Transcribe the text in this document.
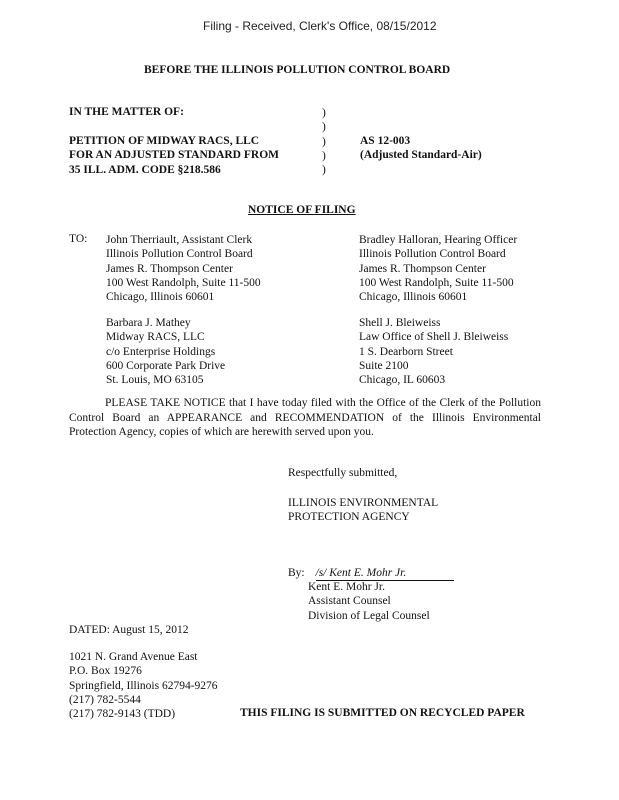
Filing - Received, Clerk's Office, 08/15/2012
BEFORE THE ILLINOIS POLLUTION CONTROL BOARD
IN THE MATTER OF:
PETITION OF MIDWAY RACS, LLC
FOR AN ADJUSTED STANDARD FROM
35 ILL. ADM. CODE §218.586
)
)
)
)
)
AS 12-003
(Adjusted Standard-Air)
NOTICE OF FILING
TO: John Therriault, Assistant Clerk
Illinois Pollution Control Board
James R. Thompson Center
100 West Randolph, Suite 11-500
Chicago, Illinois 60601
Bradley Halloran, Hearing Officer
Illinois Pollution Control Board
James R. Thompson Center
100 West Randolph, Suite 11-500
Chicago, Illinois 60601
Barbara J. Mathey
Midway RACS, LLC
c/o Enterprise Holdings
600 Corporate Park Drive
St. Louis, MO 63105
Shell J. Bleiweiss
Law Office of Shell J. Bleiweiss
1 S. Dearborn Street
Suite 2100
Chicago, IL 60603
PLEASE TAKE NOTICE that I have today filed with the Office of the Clerk of the Pollution Control Board an APPEARANCE and RECOMMENDATION of the Illinois Environmental Protection Agency, copies of which are herewith served upon you.
Respectfully submitted,
ILLINOIS ENVIRONMENTAL
PROTECTION AGENCY
By: /s/ Kent E. Mohr Jr.
Kent E. Mohr Jr.
Assistant Counsel
Division of Legal Counsel
DATED: August 15, 2012
1021 N. Grand Avenue East
P.O. Box 19276
Springfield, Illinois 62794-9276
(217) 782-5544
(217) 782-9143 (TDD)	THIS FILING IS SUBMITTED ON RECYCLED PAPER
